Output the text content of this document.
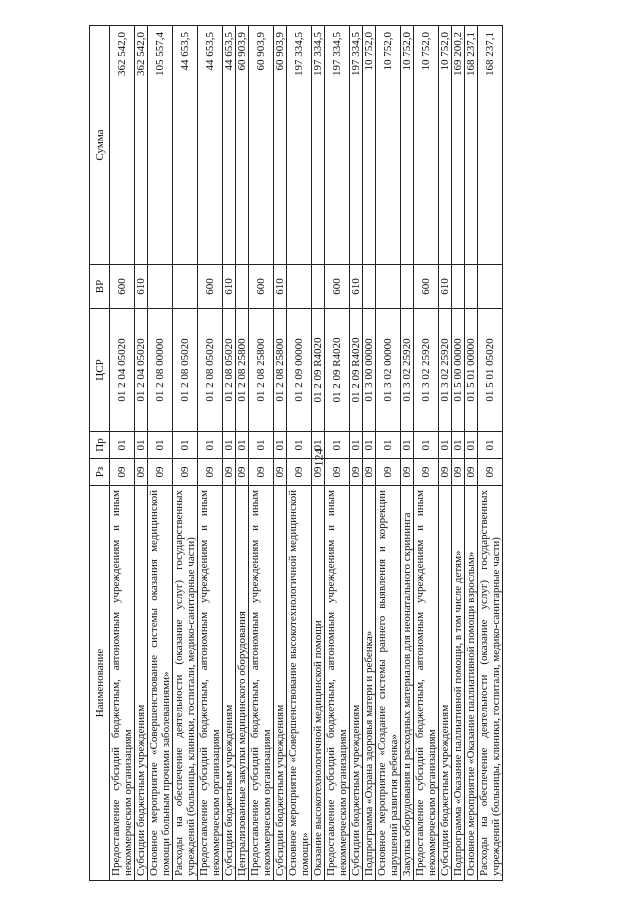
124
Наименование	Рз	Пр	ЦСР	ВР	Сумма
Предоставление субсидий бюджетным, автономным учреждениям и иным некоммерческим организациям	09	01	01 2 04 05020	600	362 542,0
Субсидии бюджетным учреждениям	09	01	01 2 04 05020	610	362 542,0
Основное мероприятие «Совершенствование системы оказания медицинской помощи больным прочими заболеваниями»	09	01	01 2 08 00000		105 557,4
Расходы на обеспечение деятельности (оказание услуг) государственных учреждений (больницы, клиники, госпитали, медико-санитарные части)	09	01	01 2 08 05020		44 653,5
Предоставление субсидий бюджетным, автономным учреждениям и иным некоммерческим организациям	09	01	01 2 08 05020	600	44 653,5
Субсидии бюджетным учреждениям	09	01	01 2 08 05020	610	44 653,5
Централизованные закупки медицинского оборудования	09	01	01 2 08 25800		60 903,9
Предоставление субсидий бюджетным, автономным учреждениям и иным некоммерческим организациям	09	01	01 2 08 25800	600	60 903,9
Субсидии бюджетным учреждениям	09	01	01 2 08 25800	610	60 903,9
Основное мероприятие «Совершенствование высокотехнологичной медицинской помощи»	09	01	01 2 09 00000		197 334,5
Оказание высокотехнологичной медицинской помощи	09	01	01 2 09 R4020		197 334,5
Предоставление субсидий бюджетным, автономным учреждениям и иным некоммерческим организациям	09	01	01 2 09 R4020	600	197 334,5
Субсидии бюджетным учреждениям	09	01	01 2 09 R4020	610	197 334,5
Подпрограмма «Охрана здоровья матери и ребенка»	09	01	01 3 00 00000		10 752,0
Основное мероприятие «Создание системы раннего выявления и коррекции нарушений развития ребенка»	09	01	01 3 02 00000		10 752,0
Закупка оборудования и расходных материалов для неонатального скрининга	09	01	01 3 02 25920		10 752,0
Предоставление субсидий бюджетным, автономным учреждениям и иным некоммерческим организациям	09	01	01 3 02 25920	600	10 752,0
Субсидии бюджетным учреждениям	09	01	01 3 02 25920	610	10 752,0
Подпрограмма «Оказание паллиативной помощи, в том числе детям»	09	01	01 5 00 00000		169 200,2
Основное мероприятие «Оказание паллиативной помощи взрослым»	09	01	01 5 01 00000		168 237,1
Расходы на обеспечение деятельности (оказание услуг) государственных учреждений (больницы, клиники, госпитали, медико-санитарные части)	09	01	01 5 01 05020		168 237,1
